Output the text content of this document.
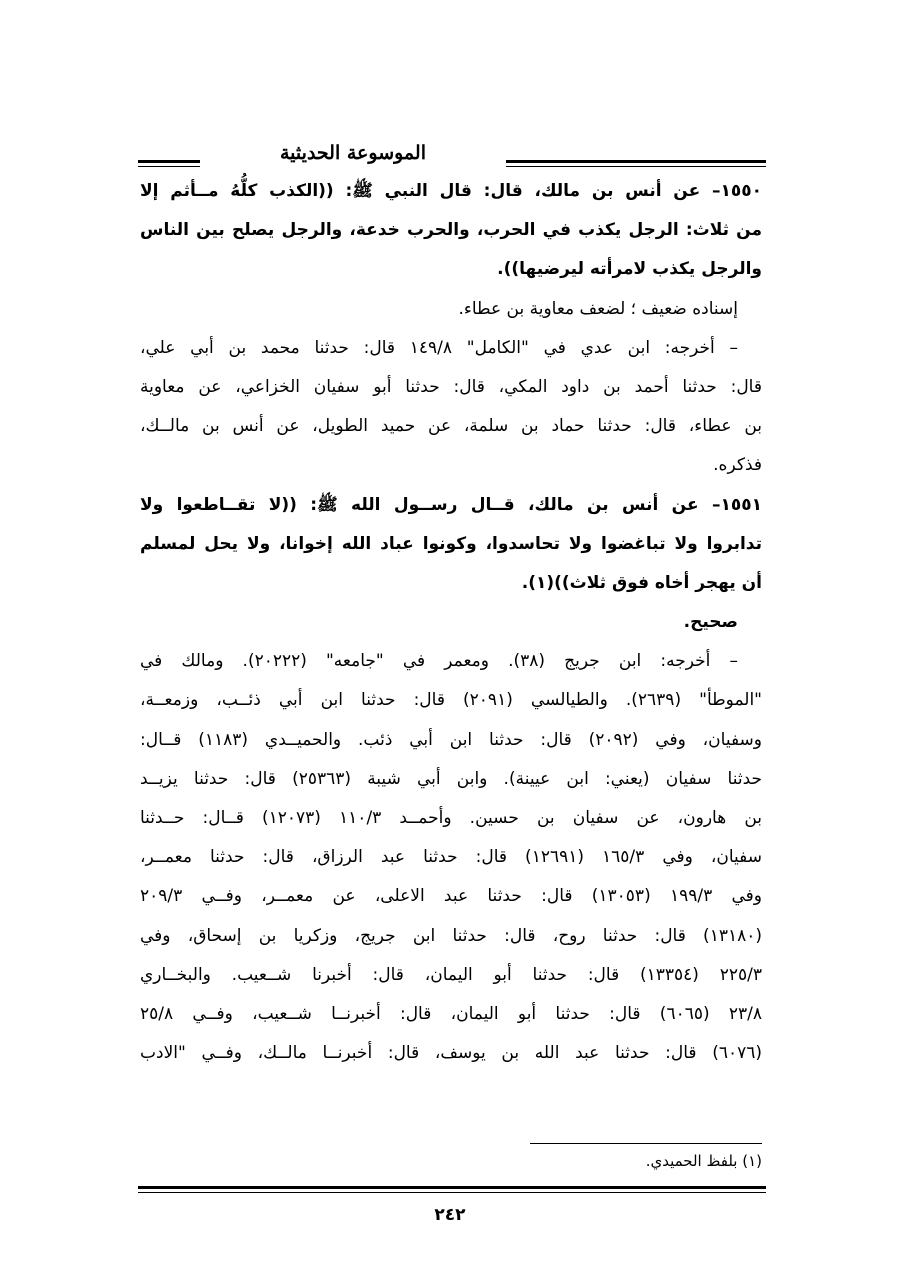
الموسوعة الحديثية
١٥٥٠– عن أنس بن مالك، قال: قال النبي ﷺ: ((الكذب كلُّهُ مــأثم إلا
من ثلاث: الرجل يكذب في الحرب، والحرب خدعة، والرجل يصلح بين الناس
والرجل يكذب لامرأته ليرضيها)).
إسناده ضعيف ؛ لضعف معاوية بن عطاء.
– أخرجه: ابن عدي في "الكامل" ١٤٩/٨ قال: حدثنا محمد بن أبي علي،
قال: حدثنا أحمد بن داود المكي، قال: حدثنا أبو سفيان الخزاعي، عن معاوية
بن عطاء، قال: حدثنا حماد بن سلمة، عن حميد الطويل، عن أنس بن مالــك،
فذكره.
١٥٥١– عن أنس بن مالك، قــال رســول الله ﷺ: ((لا تقــاطعوا ولا
تدابروا ولا تباغضوا ولا تحاسدوا، وكونوا عباد الله إخوانا، ولا يحل لمسلم
أن يهجر أخاه فوق ثلاث))(١).
صحيح.
– أخرجه: ابن جريج (٣٨). ومعمر في "جامعه" (٢٠٢٢٢). ومالك في
"الموطأ" (٢٦٣٩). والطيالسي (٢٠٩١) قال: حدثنا ابن أبي ذئــب، وزمعــة،
وسفيان، وفي (٢٠٩٢) قال: حدثنا ابن أبي ذئب. والحميــدي (١١٨٣) قــال:
حدثنا سفيان (يعني: ابن عيينة). وابن أبي شيبة (٢٥٣٦٣) قال: حدثنا يزيــد
بن هارون، عن سفيان بن حسين. وأحمــد ١١٠/٣ (١٢٠٧٣) قــال: حــدثنا
سفيان، وفي ١٦٥/٣ (١٢٦٩١) قال: حدثنا عبد الرزاق، قال: حدثنا معمــر،
وفي ١٩٩/٣ (١٣٠٥٣) قال: حدثنا عبد الاعلى، عن معمــر، وفــي ٢٠٩/٣
(١٣١٨٠) قال: حدثنا روح، قال: حدثنا ابن جريج، وزكريا بن إسحاق، وفي
٢٢٥/٣ (١٣٣٥٤) قال: حدثنا أبو اليمان، قال: أخبرنا شــعيب. والبخــاري
٢٣/٨ (٦٠٦٥) قال: حدثنا أبو اليمان، قال: أخبرنــا شــعيب، وفــي ٢٥/٨
(٦٠٧٦) قال: حدثنا عبد الله بن يوسف، قال: أخبرنــا مالــك، وفــي "الادب
(١) بلفظ الحميدي.
٢٤٢
